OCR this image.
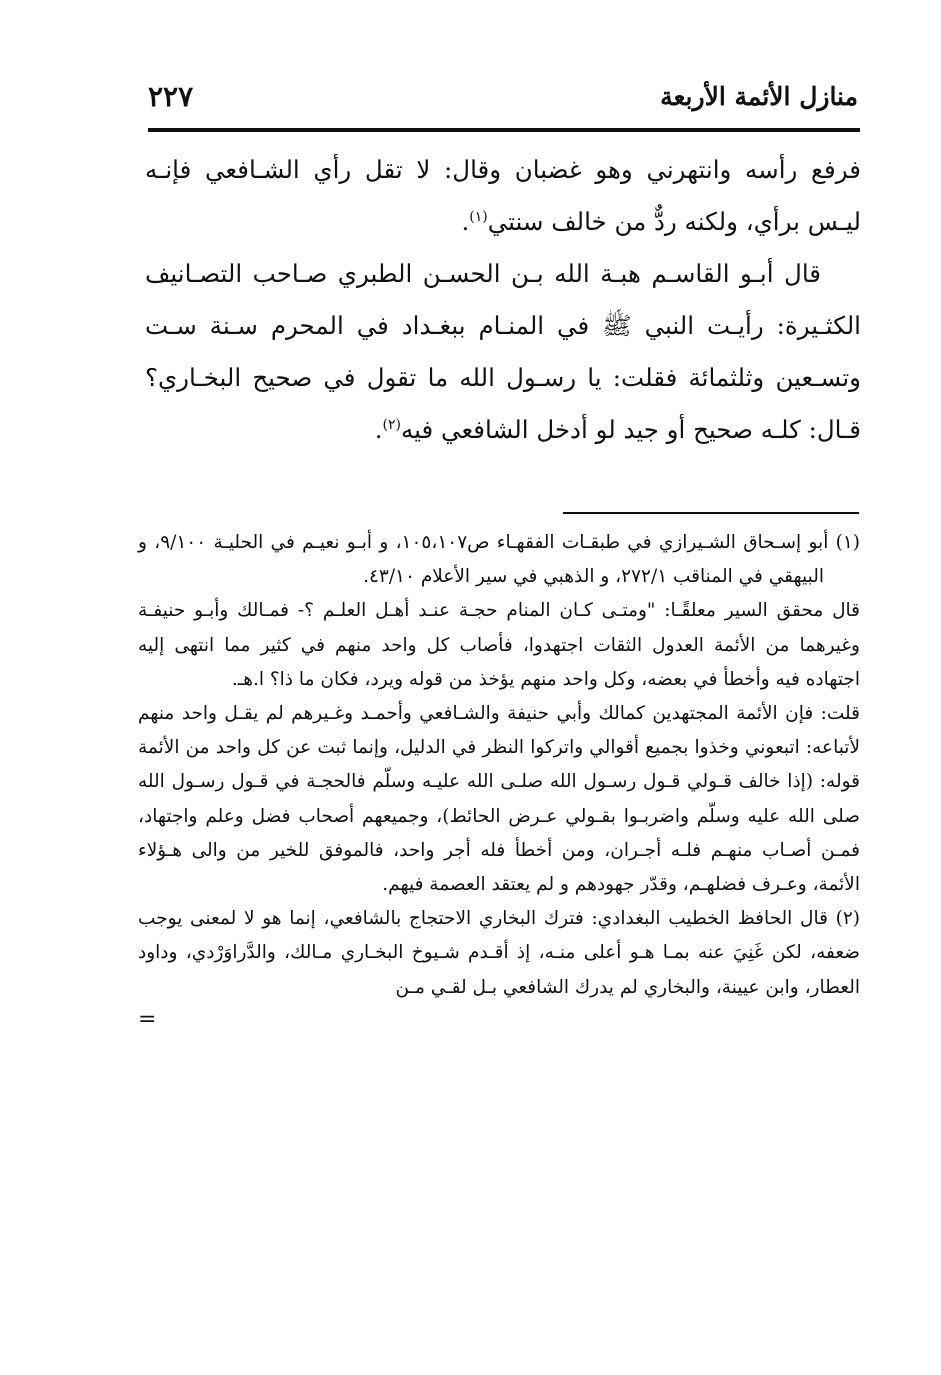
منازل الأئمة الأربعة
٢٢٧

فرفع رأسه وانتهرني وهو غضبان وقال: لا تقل رأي الشـافعي فإنـه ليـس برأي، ولكنه ردٌّ من خالف سنتي$^{(١)}$.

قال أبـو القاسـم هبـة الله بـن الحسـن الطبري صـاحب التصـانيف الكثـيرة: رأيـت النبي ﷺ في المنـام ببغـداد في المحرم سـنة سـت وتسـعين وثلثمائة فقلت: يا رسـول الله ما تقول في صحيح البخـاري؟ قـال: كلـه صحيح أو جيد لو أدخل الشافعي فيه$^{(٢)}$.

(١) أبو إسـحاق الشـيرازي في طبقـات الفقهـاء ص١٠٥،١٠٧، و أبـو نعيـم في الحليـة ٩/١٠٠، و البيهقي في المناقب ٢٧٢/١، و الذهبي في سير الأعلام ٤٣/١٠.

قال محقق السير معلقًـا: "ومتـى كـان المنام حجـة عنـد أهـل العلـم ؟- فمـالك وأبـو حنيفـة وغيرهما من الأئمة العدول الثقات اجتهدوا، فأصاب كل واحد منهم في كثير مما انتهى إليه اجتهاده فيه وأخطأ في بعضه، وكل واحد منهم يؤخذ من قوله ويرد، فكان ما ذا؟ ا.هـ.

قلت: فإن الأئمة المجتهدين كمالك وأبي حنيفة والشـافعي وأحمـد وغـيرهم لم يقـل واحد منهم لأتباعه: اتبعوني وخذوا بجميع أقوالي واتركوا النظر في الدليل، وإنما ثبت عن كل واحد من الأئمة قوله: (إذا خالف قـولي قـول رسـول الله صلـى الله عليـه وسلّم فالحجـة في قـول رسـول الله صلى الله عليه وسلّم واضربـوا بقـولي عـرض الحائط)، وجميعهم أصحاب فضل وعلم واجتهاد، فمـن أصـاب منهـم فلـه أجـران، ومن أخطأ فله أجر واحد، فالموفق للخير من والى هـؤلاء الأئمة، وعـرف فضلهـم، وقدّر جهودهم و لم يعتقد العصمة فيهم.

(٢) قال الحافظ الخطيب البغدادي: فترك البخاري الاحتجاج بالشافعي، إنما هو لا لمعنى يوجب ضعفه، لكن غَنِيَ عنه بمـا هـو أعلى منـه، إذ أقـدم شـيوخ البخـاري مـالك، والدَّراوَرْدي، وداود العطار، وابن عيينة، والبخاري لم يدرك الشافعي بـل لقـي مـن

=
